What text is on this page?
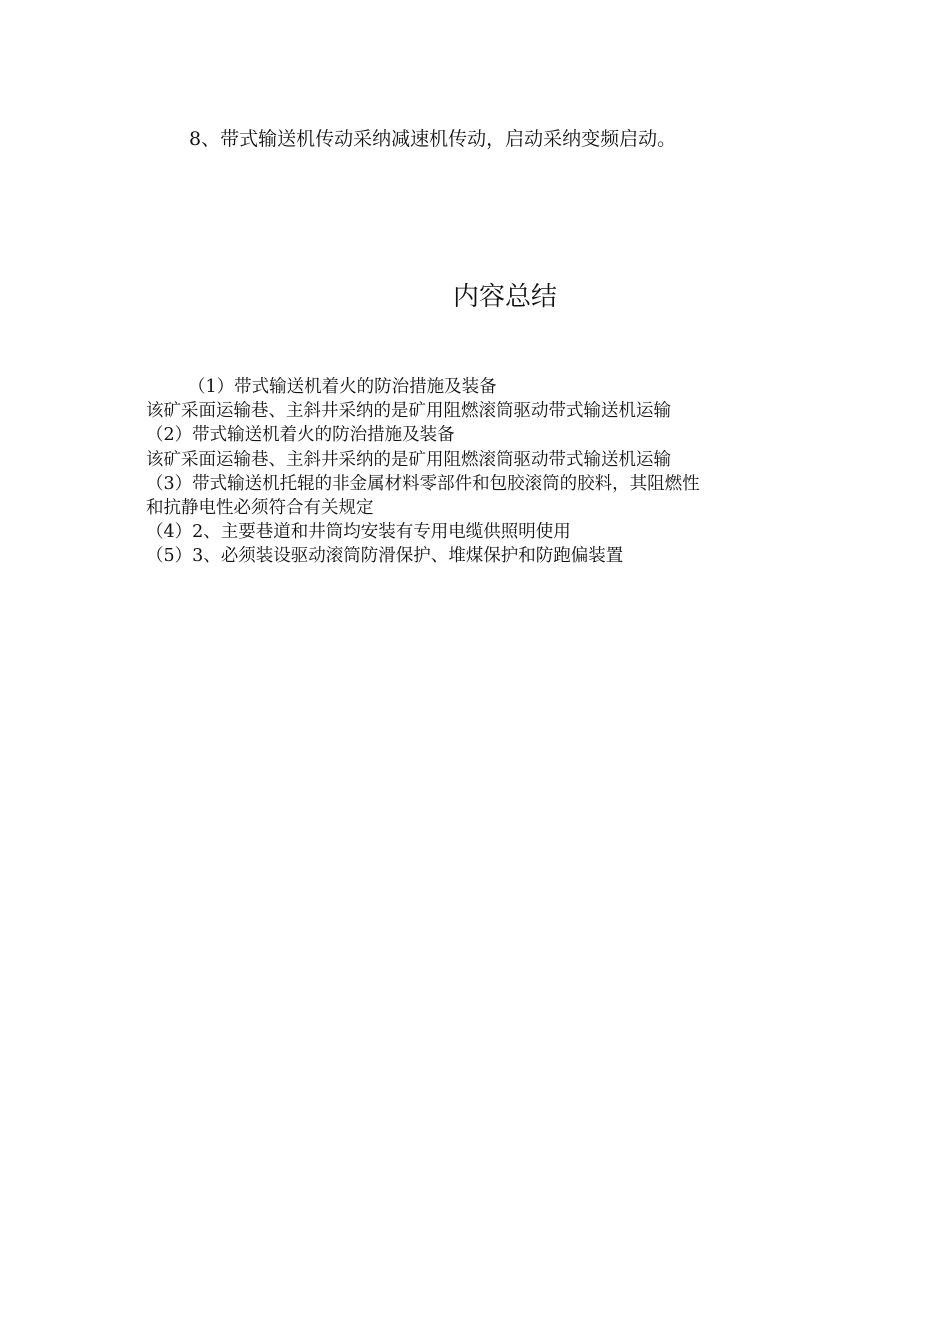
8、带式输送机传动采纳减速机传动，启动采纳变频启动。
内容总结
（1）带式输送机着火的防治措施及装备
该矿采面运输巷、主斜井采纳的是矿用阻燃滚筒驱动带式输送机运输
（2）带式输送机着火的防治措施及装备
该矿采面运输巷、主斜井采纳的是矿用阻燃滚筒驱动带式输送机运输
（3）带式输送机托辊的非金属材料零部件和包胶滚筒的胶料，其阻燃性
和抗静电性必须符合有关规定
（4）2、主要巷道和井筒均安装有专用电缆供照明使用
（5）3、必须装设驱动滚筒防滑保护、堆煤保护和防跑偏装置
